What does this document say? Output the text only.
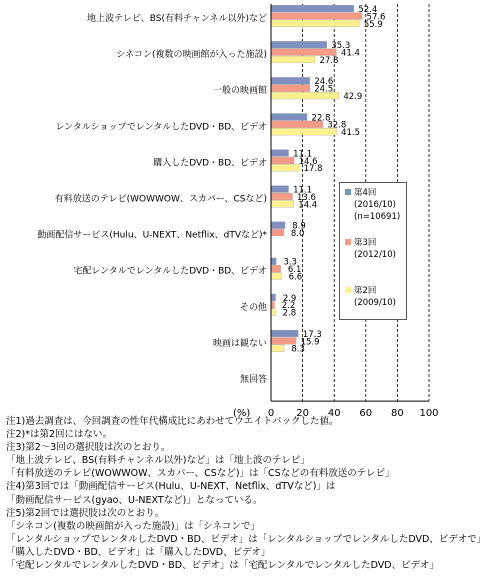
地上波テレビ、BS(有料チャンネル以外)など
52.4
57.6
55.9
シネコン(複数の映画館が入った施設)
35.3
41.4
27.8
一般の映画館
24.6
24.5
42.9
レンタルショップでレンタルしたDVD・BD、ビデオ
22.8
32.8
41.5
購入したDVD・BD、ビデオ
11.1
14.6
17.8
有料放送のテレビ(WOWWOW、スカパー、CSなど)
11.1
13.6
14.4
動画配信サービス(Hulu、U-NEXT、Netflix、dTVなど)*
8.9
8.0
宅配レンタルでレンタルしたDVD・BD、ビデオ
3.3
6.1
6.6
その他
2.9
2.2
2.8
映画は観ない
17.3
15.9
8.3
無回答
0 20 40 60 80 100
(%)
第4回
(2016/10)
(n=10691)
第3回
(2012/10)
第2回
(2009/10)
注1)過去調査は、今回調査の性年代構成比にあわせてウエイトバックした値。
注2)*は第2回にはない。
注3)第2～3回の選択肢は次のとおり。
「地上波テレビ、BS(有料チャンネル以外)など」は「地上波のテレビ」
「有料放送のテレビ(WOWWOW、スカパー、CSなど)」は「CSなどの有料放送のテレビ」
注4)第3回では「動画配信サービス(Hulu、U-NEXT、Netflix、dTVなど)」は
「動画配信サービス(gyao、U-NEXTなど)」となっている。
注5)第2回では選択肢は次のとおり。
「シネコン(複数の映画館が入った施設)」は「シネコンで」
「レンタルショップでレンタルしたDVD・BD、ビデオ」は「レンタルショップでレンタルしたDVD、ビデオで」
「購入したDVD・BD、ビデオ」は「購入したDVD、ビデオ」
「宅配レンタルでレンタルしたDVD・BD、ビデオ」は「宅配レンタルでレンタルしたDVD、ビデオ」
